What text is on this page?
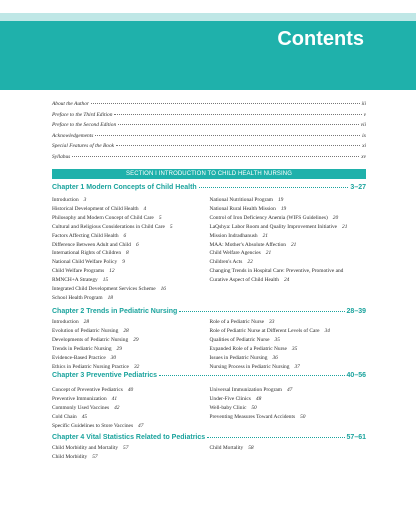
Contents
About the Author	iii
Preface to the Third Edition	v
Preface to the Second Edition	vii
Acknowledgements	ix
Special Features of the Book	xi
Syllabus	xv
SECTION I INTRODUCTION TO CHILD HEALTH NURSING
Chapter 1 Modern Concepts of Child Health	3–27
Introduction 3
Historical Development of Child Health 4
Philosophy and Modern Concept of Child Care 5
Cultural and Religious Considerations in Child Care 5
Factors Affecting Child Health 6
Difference Between Adult and Child 6
International Rights of Children 8
National Child Welfare Policy 9
Child Welfare Programs 12
RMNCH+A Strategy 15
Integrated Child Development Services Scheme 16
School Health Program 18
National Nutritional Program 19
National Rural Health Mission 19
Control of Iron Deficiency Anemia (WIFS Guidelines) 20
LaQshya: Labor Room and Quality Improvement Initiative 21
Mission Indradhanush 21
MAA: Mother's Absolute Affection 21
Child Welfare Agencies 21
Children's Acts 22
Changing Trends in Hospital Care: Preventive, Promotive and Curative Aspect of Child Health 24
Chapter 2 Trends in Pediatric Nursing	28–39
Introduction 28
Evolution of Pediatric Nursing 28
Developments of Pediatric Nursing 29
Trends in Pediatric Nursing 29
Evidence-Based Practice 30
Ethics in Pediatric Nursing Practice 32
Role of a Pediatric Nurse 33
Role of Pediatric Nurse at Different Levels of Care 34
Qualities of Pediatric Nurse 35
Expanded Role of a Pediatric Nurse 35
Issues in Pediatric Nursing 36
Nursing Process in Pediatric Nursing 37
Chapter 3 Preventive Pediatrics	40–56
Concept of Preventive Pediatrics 40
Preventive Immunization 41
Commonly Used Vaccines 42
Cold Chain 45
Specific Guidelines to Store Vaccines 47
Universal Immunization Program 47
Under-Five Clinics 48
Well-baby Clinic 50
Preventing Measures Toward Accidents 50
Chapter 4 Vital Statistics Related to Pediatrics	57–61
Child Morbidity and Mortality 57
Child Morbidity 57
Child Mortality 58
